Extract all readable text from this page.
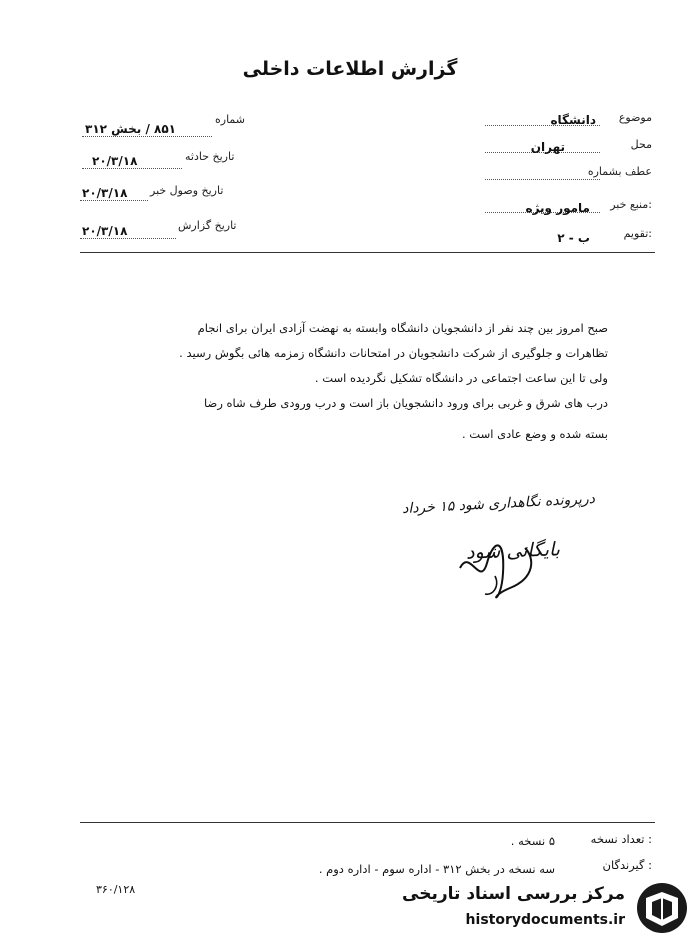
گزارش اطلاعات داخلی
موضوع
دانشگاه
محل
تهران
عطف بشماره
منبع خبر:
مامور ویژه
تقویم:
ب - ۲
شماره
۸۵۱ / بخش ۳۱۲
تاریخ حادثه
۲۰/۳/۱۸
تاریخ وصول خبر
۲۰/۳/۱۸
تاریخ گزارش
۲۰/۳/۱۸
صبح امروز بین چند نفر از دانشجویان دانشگاه وابسته به نهضت آزادی ایران برای انجام
تظاهرات و جلوگیری از شرکت دانشجویان در امتحانات دانشگاه زمزمه هائی بگوش رسید .
ولی تا این ساعت اجتماعی در دانشگاه تشکیل نگردیده است .
درب های شرق و غربی برای ورود دانشجویان باز است و درب ورودی طرف شاه رضا
بسته شده و وضع عادی است .
درپرونده نگاهداری شود ۱۵ خرداد
بایگانی شود
تعداد نسخه :
۵ نسخه .
گیرندگان :
سه نسخه در بخش ۳۱۲ - اداره سوم - اداره دوم .
۳۶۰/۱۲۸	مرکز بررسی اسناد تاریخی
historydocuments.ir
